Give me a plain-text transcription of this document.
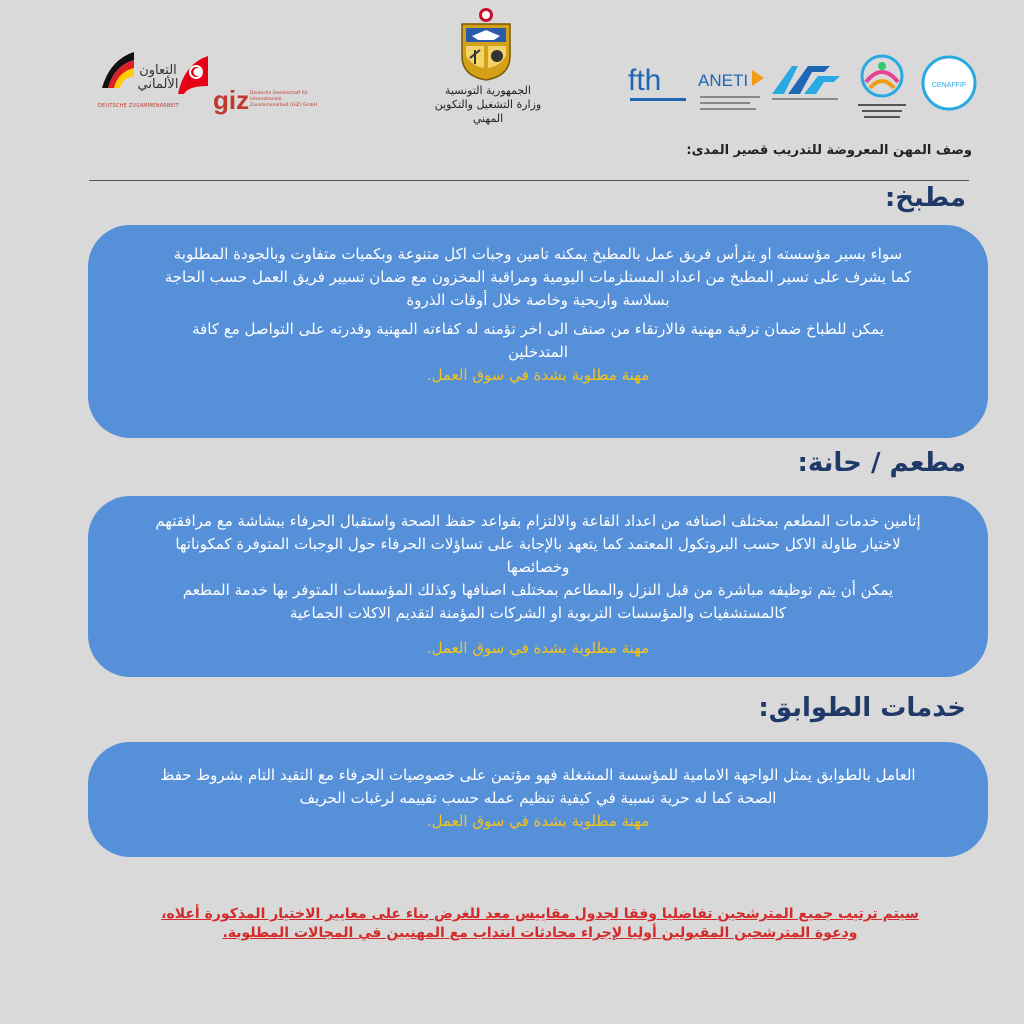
التعاون الألماني
DEUTSCHE ZUSAMMENARBEIT giz Deutsche Gesellschaft für Internationale Zusammenarbeit (GIZ) GmbH
الجمهورية التونسية
وزارة التشغيل والتكوين المهني
fth ANETI	CENAFFIF
وصف المهن المعروضة للتدريب قصير المدى:
مطبخ:

سواء بسير مؤسسته او يترأس فريق عمل بالمطبخ يمكنه تامين وجبات اكل متنوعة وبكميات متفاوت وبالجودة المطلوبة

كما يشرف على تسير المطبخ من اعداد المستلزمات اليومية ومراقبة المخزون مع ضمان تسيير فريق العمل حسب الحاجة

بسلاسة واريحية وخاصة خلال أوقات الذروة

يمكن للطباخ ضمان ترقية مهنية فالارتقاء من صنف الى اخر تؤمنه له كفاءته المهنية وقدرته على التواصل مع كافة

المتدخلين

مهنة مطلوبة بشدة في سوق العمل.

مطعم / حانة:

إتامين خدمات المطعم بمختلف اصنافه من اعداد القاعة والالتزام بقواعد حفظ الصحة واستقبال الحرفاء ببشاشة مع مرافقتهم

لاختيار طاولة الاكل حسب البروتكول المعتمد كما يتعهد بالإجابة على تساؤلات الحرفاء حول الوجبات المتوفرة كمكوناتها

وخصائصها

يمكن أن يتم توظيفه مباشرة من قبل النزل والمطاعم بمختلف اصنافها وكذلك المؤسسات المتوفر بها خدمة المطعم

كالمستشفيات والمؤسسات التربوية او الشركات المؤمنة لتقديم الاكلات الجماعية

مهنة مطلوبة بشدة في سوق العمل.

خدمات الطوابق:

العامل بالطوابق يمثل الواجهة الامامية للمؤسسة المشغلة فهو مؤتمن على خصوصيات الحرفاء مع التقيد التام بشروط حفظ

الصحة كما له حرية نسبية في كيفية تنظيم عمله حسب تقييمه لرغبات الحريف

مهنة مطلوبة بشدة في سوق العمل.

سيتم ترتيب جميع المترشحين تفاضليا وفقا لجدول مقاييس معد للغرض بناء على معايير الاختيار المذكورة أعلاه،
ودعوة المترشحين المقبولين أوليا لإجراء محادثات انتداب مع المهنيين في المجالات المطلوبة.
